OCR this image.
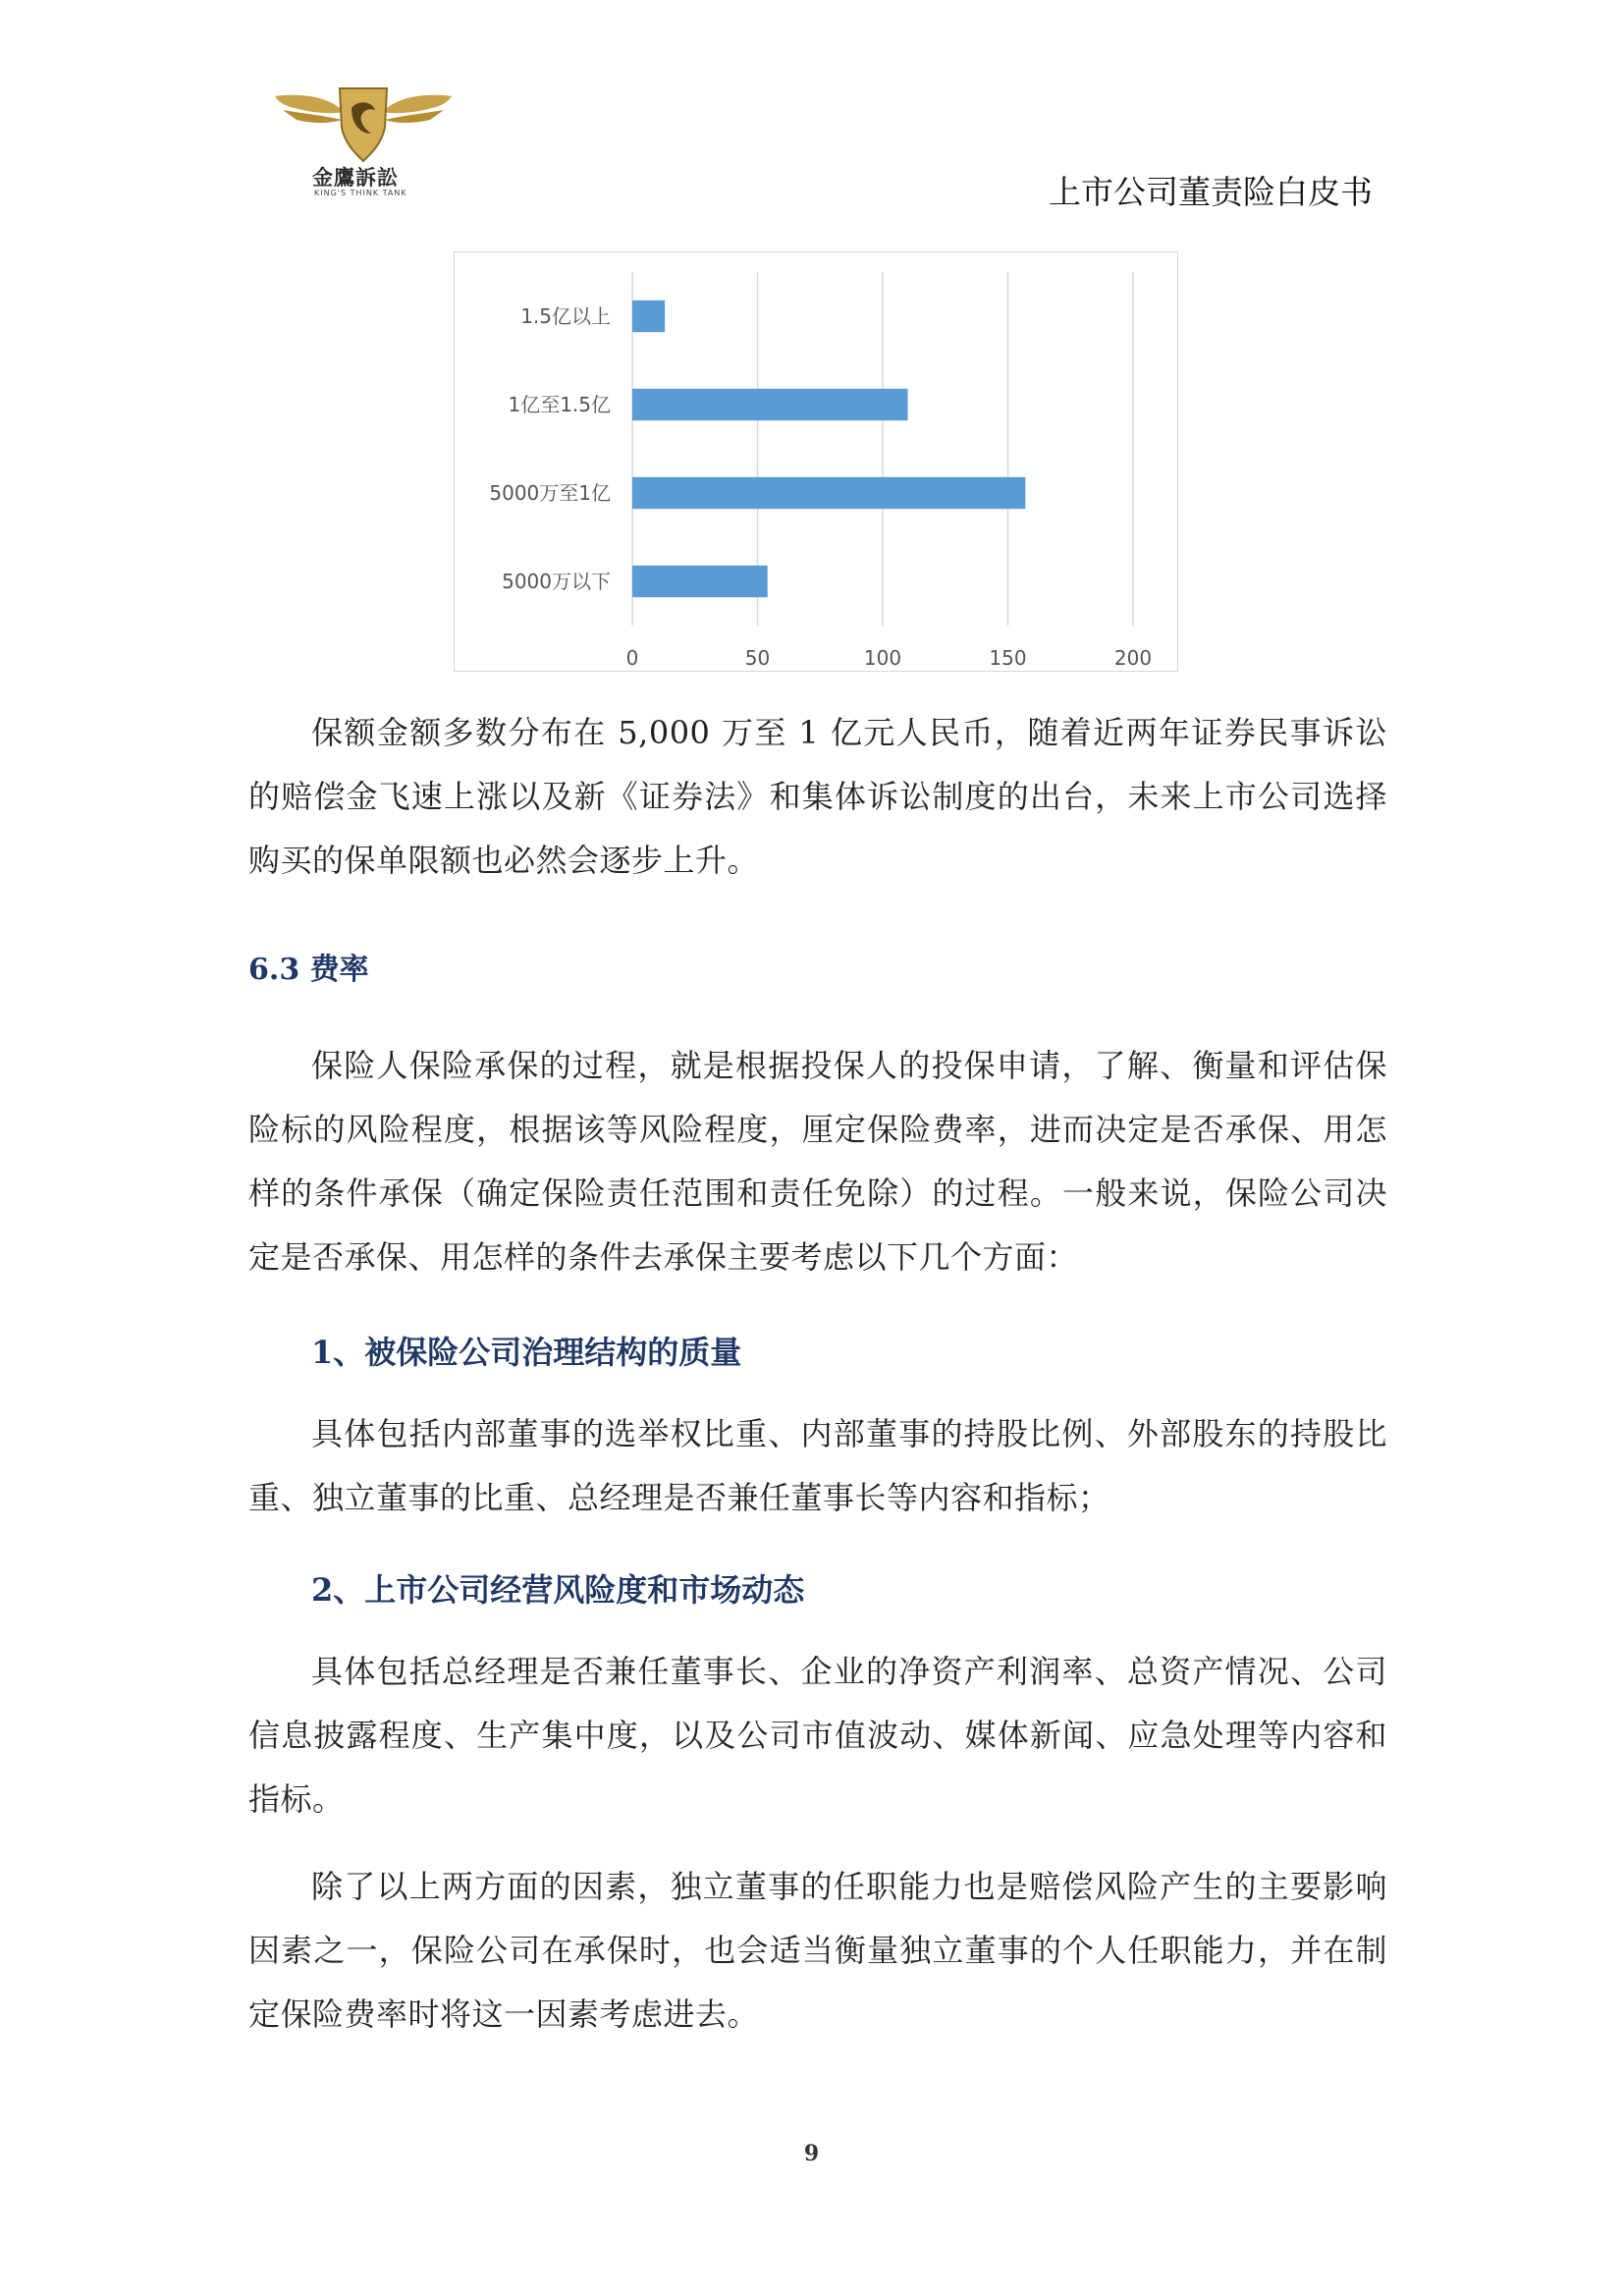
金鷹訴訟
KING'S THINK TANK	上市公司董责险白皮书
0	50	100	150	200
1.5亿以上
1亿至1.5亿
5000万至1亿
5000万以下

保额金额多数分布在 5,000 万至 1 亿元人民币，随着近两年证券民事诉讼的赔偿金飞速上涨以及新《证券法》和集体诉讼制度的出台，未来上市公司选择购买的保单限额也必然会逐步上升。

6.3 费率

保险人保险承保的过程，就是根据投保人的投保申请，了解、衡量和评估保险标的风险程度，根据该等风险程度，厘定保险费率，进而决定是否承保、用怎样的条件承保（确定保险责任范围和责任免除）的过程。一般来说，保险公司决定是否承保、用怎样的条件去承保主要考虑以下几个方面：

1、被保险公司治理结构的质量

具体包括内部董事的选举权比重、内部董事的持股比例、外部股东的持股比重、独立董事的比重、总经理是否兼任董事长等内容和指标；

2、上市公司经营风险度和市场动态

具体包括总经理是否兼任董事长、企业的净资产利润率、总资产情况、公司信息披露程度、生产集中度，以及公司市值波动、媒体新闻、应急处理等内容和指标。

除了以上两方面的因素，独立董事的任职能力也是赔偿风险产生的主要影响因素之一，保险公司在承保时，也会适当衡量独立董事的个人任职能力，并在制定保险费率时将这一因素考虑进去。

9
